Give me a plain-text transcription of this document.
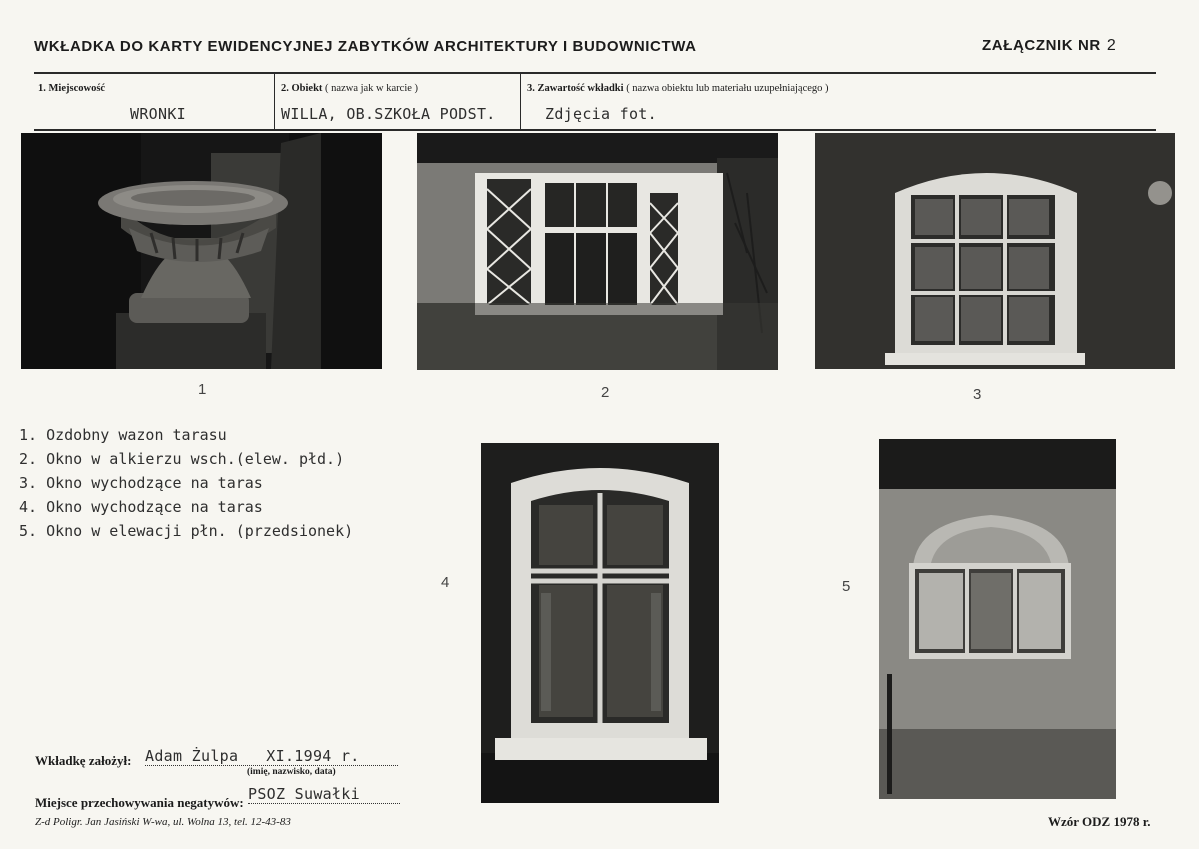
WKŁADKA DO KARTY EWIDENCYJNEJ ZABYTKÓW ARCHITEKTURY I BUDOWNICTWA	ZAŁĄCZNIK NR 2
1. Miejscowość	2. Obiekt ( nazwa jak w karcie )	3. Zawartość wkładki ( nazwa obiektu lub materiału uzupełniającego )
WRONKI	WILLA, OB.SZKOŁA PODST.	Zdjęcia fot.
1	2	3
1. Ozdobny wazon tarasu
2. Okno w alkierzu wsch.(elew. płd.)
3. Okno wychodzące na taras
4. Okno wychodzące na taras
5. Okno w elewacji płn. (przedsionek)
4	5
Wkładkę założył: Adam Żulpa   XI.1994 r.
(imię, nazwisko, data)
Miejsce przechowywania negatywów: PSOZ Suwałki
Z-d Poligr. Jan Jasiński W-wa, ul. Wolna 13, tel. 12-43-83	Wzór ODZ 1978 r.
